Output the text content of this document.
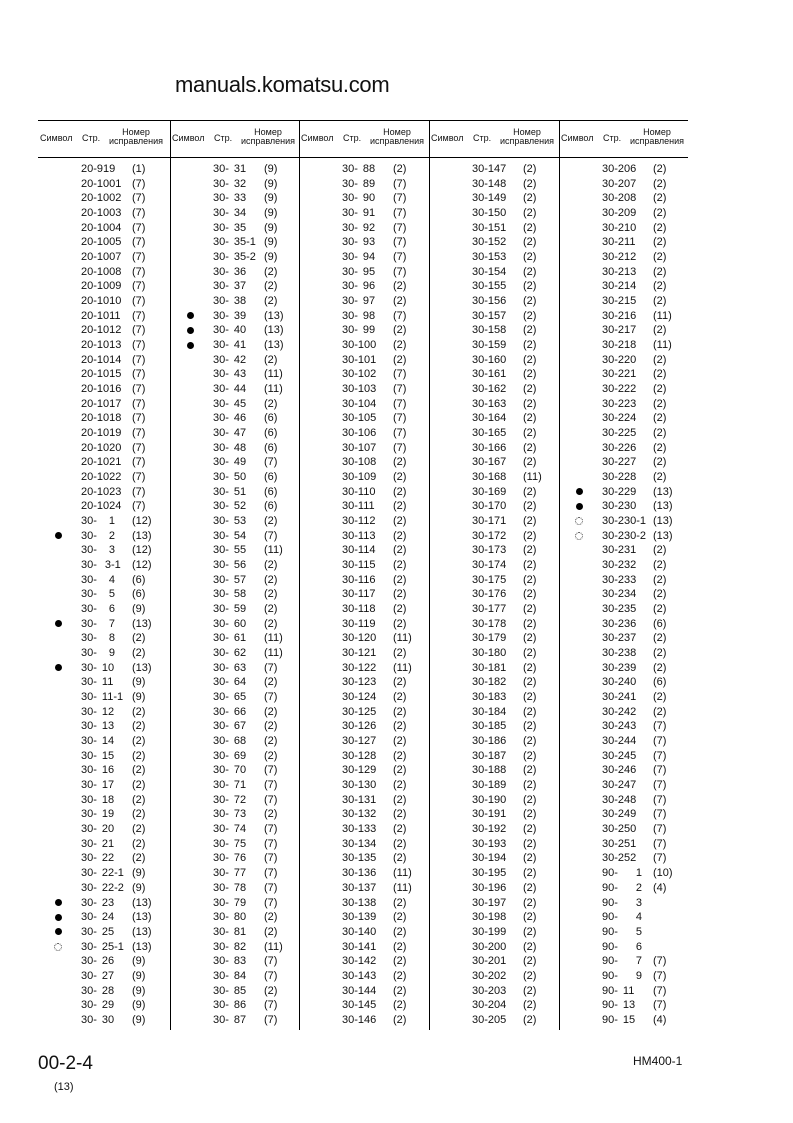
Символ Стр.
Номер
исправления Символ Стр.
Номер
исправления Символ Стр.
Номер
исправления Символ Стр.
Номер
исправления Символ Стр.
Номер
исправления
20-919 (1)
20-1001 (7)
20-1002 (7)
20-1003 (7)
20-1004 (7)
20-1005 (7)
20-1007 (7)
20-1008 (7)
20-1009 (7)
20-1010 (7)
20-1011 (7)
20-1012 (7)
20-1013 (7)
20-1014 (7)
20-1015 (7)
20-1016 (7)
20-1017 (7)
20-1018 (7)
20-1019 (7)
20-1020 (7)
20-1021 (7)
20-1022 (7)
20-1023 (7)
20-1024 (7)
30- 1 (12)
30- 2 (13)
30- 3 (12)
30- 3-1 (12)
30- 4 (6)
30- 5 (6)
30- 6 (9)
30- 7 (13)
30- 8 (2)
30- 9 (2)
30- 10 (13)
30- 11 (9)
30- 11-1 (9)
30- 12 (2)
30- 13 (2)
30- 14 (2)
30- 15 (2)
30- 16 (2)
30- 17 (2)
30- 18 (2)
30- 19 (2)
30- 20 (2)
30- 21 (2)
30- 22 (2)
30- 22-1 (9)
30- 22-2 (9)
30- 23 (13)
30- 24 (13)
30- 25 (13)
30- 25-1 (13)
30- 26 (9)
30- 27 (9)
30- 28 (9)
30- 29 (9)
30- 30 (9)
30- 31 (9)
30- 32 (9)
30- 33 (9)
30- 34 (9)
30- 35 (9)
30- 35-1 (9)
30- 35-2 (9)
30- 36 (2)
30- 37 (2)
30- 38 (2)
30- 39 (13)
30- 40 (13)
30- 41 (13)
30- 42 (2)
30- 43 (11)
30- 44 (11)
30- 45 (2)
30- 46 (6)
30- 47 (6)
30- 48 (6)
30- 49 (7)
30- 50 (6)
30- 51 (6)
30- 52 (6)
30- 53 (2)
30- 54 (7)
30- 55 (11)
30- 56 (2)
30- 57 (2)
30- 58 (2)
30- 59 (2)
30- 60 (2)
30- 61 (11)
30- 62 (11)
30- 63 (7)
30- 64 (2)
30- 65 (7)
30- 66 (2)
30- 67 (2)
30- 68 (2)
30- 69 (2)
30- 70 (7)
30- 71 (7)
30- 72 (7)
30- 73 (2)
30- 74 (7)
30- 75 (7)
30- 76 (7)
30- 77 (7)
30- 78 (7)
30- 79 (7)
30- 80 (2)
30- 81 (2)
30- 82 (11)
30- 83 (7)
30- 84 (7)
30- 85 (2)
30- 86 (7)
30- 87 (7)
30- 88 (2)
30- 89 (7)
30- 90 (7)
30- 91 (7)
30- 92 (7)
30- 93 (7)
30- 94 (7)
30- 95 (7)
30- 96 (2)
30- 97 (2)
30- 98 (7)
30- 99 (2)
30-100 (2)
30-101 (2)
30-102 (7)
30-103 (7)
30-104 (7)
30-105 (7)
30-106 (7)
30-107 (7)
30-108 (2)
30-109 (2)
30-110 (2)
30-111 (2)
30-112 (2)
30-113 (2)
30-114 (2)
30-115 (2)
30-116 (2)
30-117 (2)
30-118 (2)
30-119 (2)
30-120 (11)
30-121 (2)
30-122 (11)
30-123 (2)
30-124 (2)
30-125 (2)
30-126 (2)
30-127 (2)
30-128 (2)
30-129 (2)
30-130 (2)
30-131 (2)
30-132 (2)
30-133 (2)
30-134 (2)
30-135 (2)
30-136 (11)
30-137 (11)
30-138 (2)
30-139 (2)
30-140 (2)
30-141 (2)
30-142 (2)
30-143 (2)
30-144 (2)
30-145 (2)
30-146 (2)
30-147 (2)
30-148 (2)
30-149 (2)
30-150 (2)
30-151 (2)
30-152 (2)
30-153 (2)
30-154 (2)
30-155 (2)
30-156 (2)
30-157 (2)
30-158 (2)
30-159 (2)
30-160 (2)
30-161 (2)
30-162 (2)
30-163 (2)
30-164 (2)
30-165 (2)
30-166 (2)
30-167 (2)
30-168 (11)
30-169 (2)
30-170 (2)
30-171 (2)
30-172 (2)
30-173 (2)
30-174 (2)
30-175 (2)
30-176 (2)
30-177 (2)
30-178 (2)
30-179 (2)
30-180 (2)
30-181 (2)
30-182 (2)
30-183 (2)
30-184 (2)
30-185 (2)
30-186 (2)
30-187 (2)
30-188 (2)
30-189 (2)
30-190 (2)
30-191 (2)
30-192 (2)
30-193 (2)
30-194 (2)
30-195 (2)
30-196 (2)
30-197 (2)
30-198 (2)
30-199 (2)
30-200 (2)
30-201 (2)
30-202 (2)
30-203 (2)
30-204 (2)
30-205 (2)
30-206 (2)
30-207 (2)
30-208 (2)
30-209 (2)
30-210 (2)
30-211 (2)
30-212 (2)
30-213 (2)
30-214 (2)
30-215 (2)
30-216 (11)
30-217 (2)
30-218 (11)
30-220 (2)
30-221 (2)
30-222 (2)
30-223 (2)
30-224 (2)
30-225 (2)
30-226 (2)
30-227 (2)
30-228 (2)
30-229 (13)
30-230 (13)
30-230-1 (13)
30-230-2 (13)
30-231 (2)
30-232 (2)
30-233 (2)
30-234 (2)
30-235 (2)
30-236 (6)
30-237 (2)
30-238 (2)
30-239 (2)
30-240 (6)
30-241 (2)
30-242 (2)
30-243 (7)
30-244 (7)
30-245 (7)
30-246 (7)
30-247 (7)
30-248 (7)
30-249 (7)
30-250 (7)
30-251 (7)
30-252 (7)
90- 1 (10)
90- 2 (4)
90- 3
90- 4
90- 5
90- 6
90- 7 (7)
90- 9 (7)
90- 11 (7)
90- 13 (7)
90- 15 (4)
manuals.komatsu.com
00-2-4
(13)
HM400-1
